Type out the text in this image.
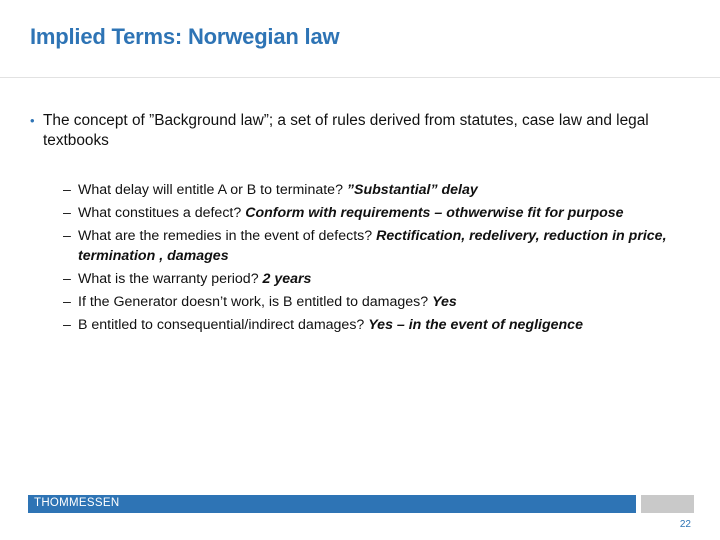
Implied Terms: Norwegian law
• The concept of ”Background law”; a set of rules derived from statutes, case law and legal textbooks
– What delay will entitle A or B to terminate? ”Substantial” delay
– What constitues a defect? Conform with requirements – othwerwise fit for purpose
– What are the remedies in the event of defects? Rectification, redelivery, reduction in price, termination , damages
– What is the warranty period? 2 years
– If the Generator doesn’t work, is B entitled to damages? Yes
– B entitled to consequential/indirect damages? Yes – in the event of negligence
THOMMESSEN
22
